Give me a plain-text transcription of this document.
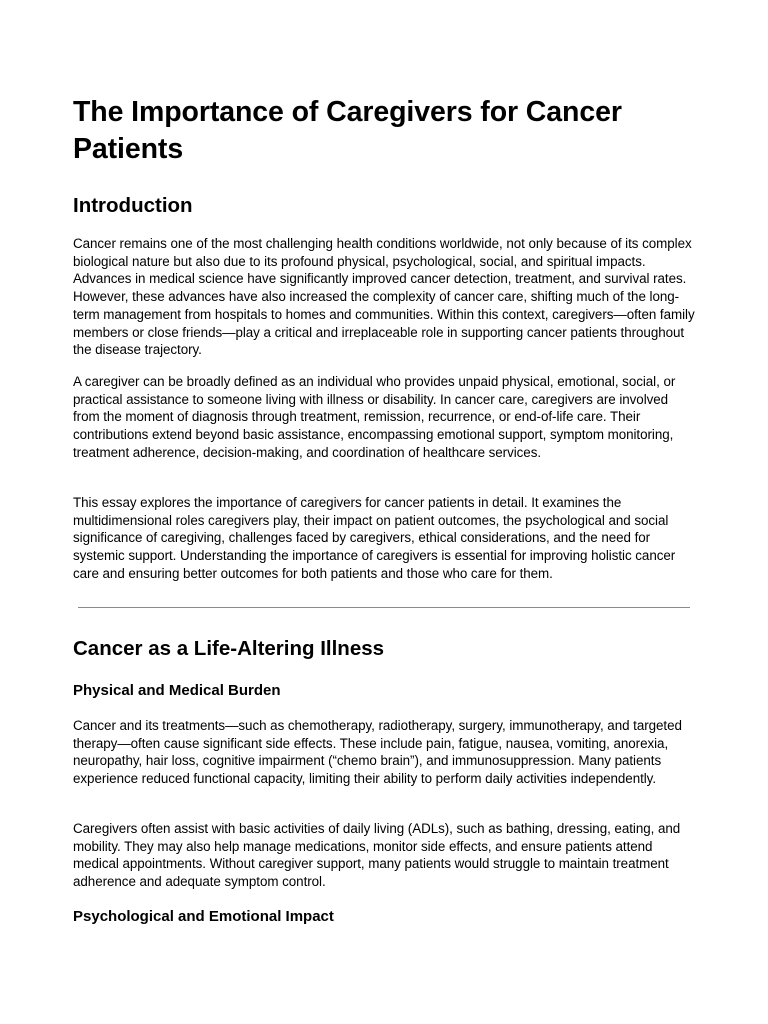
The Importance of Caregivers for Cancer Patients
Introduction

Cancer remains one of the most challenging health conditions worldwide, not only because of its complex biological nature but also due to its profound physical, psychological, social, and spiritual impacts. Advances in medical science have significantly improved cancer detection, treatment, and survival rates. However, these advances have also increased the complexity of cancer care, shifting much of the long-term management from hospitals to homes and communities. Within this context, caregivers—often family members or close friends—play a critical and irreplaceable role in supporting cancer patients throughout the disease trajectory.

A caregiver can be broadly defined as an individual who provides unpaid physical, emotional, social, or practical assistance to someone living with illness or disability. In cancer care, caregivers are involved from the moment of diagnosis through treatment, remission, recurrence, or end-of-life care. Their contributions extend beyond basic assistance, encompassing emotional support, symptom monitoring, treatment adherence, decision-making, and coordination of healthcare services.

This essay explores the importance of caregivers for cancer patients in detail. It examines the multidimensional roles caregivers play, their impact on patient outcomes, the psychological and social significance of caregiving, challenges faced by caregivers, ethical considerations, and the need for systemic support. Understanding the importance of caregivers is essential for improving holistic cancer care and ensuring better outcomes for both patients and those who care for them.

Cancer as a Life-Altering Illness
Physical and Medical Burden

Cancer and its treatments—such as chemotherapy, radiotherapy, surgery, immunotherapy, and targeted therapy—often cause significant side effects. These include pain, fatigue, nausea, vomiting, anorexia, neuropathy, hair loss, cognitive impairment (“chemo brain”), and immunosuppression. Many patients experience reduced functional capacity, limiting their ability to perform daily activities independently.

Caregivers often assist with basic activities of daily living (ADLs), such as bathing, dressing, eating, and mobility. They may also help manage medications, monitor side effects, and ensure patients attend medical appointments. Without caregiver support, many patients would struggle to maintain treatment adherence and adequate symptom control.

Psychological and Emotional Impact
